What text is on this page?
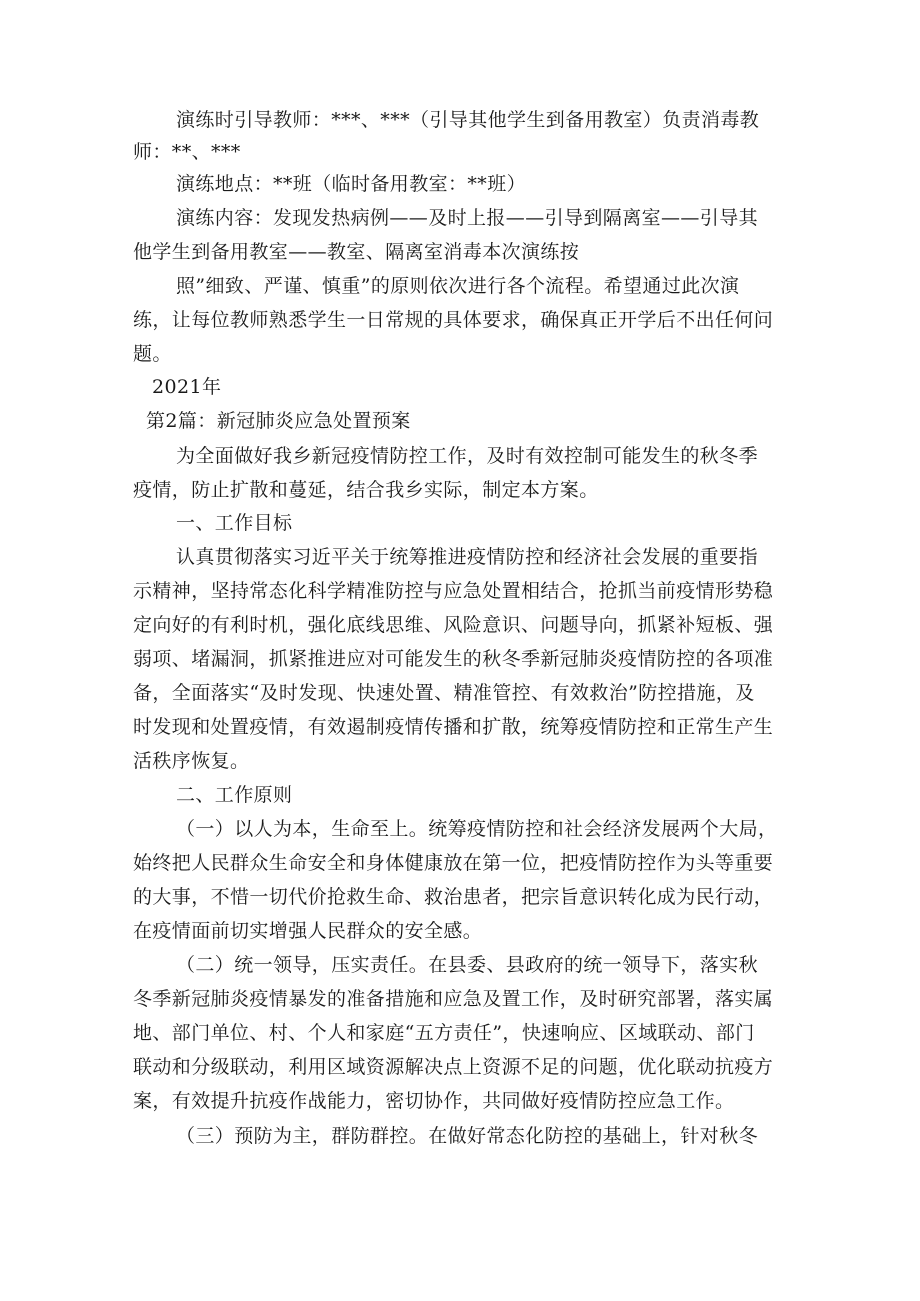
演练时引导教师：***、***（引导其他学生到备用教室）负责消毒教
师：**、***
演练地点：**班（临时备用教室：**班）
演练内容：发现发热病例——及时上报——引导到隔离室——引导其
他学生到备用教室——教室、隔离室消毒本次演练按
照”细致、严谨、慎重”的原则依次进行各个流程。希望通过此次演
练，让每位教师熟悉学生一日常规的具体要求，确保真正开学后不出任何问
题。
2021年
第2篇：新冠肺炎应急处置预案
为全面做好我乡新冠疫情防控工作，及时有效控制可能发生的秋冬季
疫情，防止扩散和蔓延，结合我乡实际，制定本方案。
一、工作目标
认真贯彻落实习近平关于统筹推进疫情防控和经济社会发展的重要指
示精神，坚持常态化科学精准防控与应急处置相结合，抢抓当前疫情形势稳
定向好的有利时机，强化底线思维、风险意识、问题导向，抓紧补短板、强
弱项、堵漏洞，抓紧推进应对可能发生的秋冬季新冠肺炎疫情防控的各项准
备，全面落实“及时发现、快速处置、精准管控、有效救治”防控措施，及
时发现和处置疫情，有效遏制疫情传播和扩散，统筹疫情防控和正常生产生
活秩序恢复。
二、工作原则
（一）以人为本，生命至上。统筹疫情防控和社会经济发展两个大局，
始终把人民群众生命安全和身体健康放在第一位，把疫情防控作为头等重要
的大事，不惜一切代价抢救生命、救治患者，把宗旨意识转化成为民行动，
在疫情面前切实增强人民群众的安全感。
（二）统一领导，压实责任。在县委、县政府的统一领导下，落实秋
冬季新冠肺炎疫情暴发的准备措施和应急及置工作，及时研究部署，落实属
地、部门单位、村、个人和家庭“五方责任”，快速响应、区域联动、部门
联动和分级联动，利用区域资源解决点上资源不足的问题，优化联动抗疫方
案，有效提升抗疫作战能力，密切协作，共同做好疫情防控应急工作。
（三）预防为主，群防群控。在做好常态化防控的基础上，针对秋冬
